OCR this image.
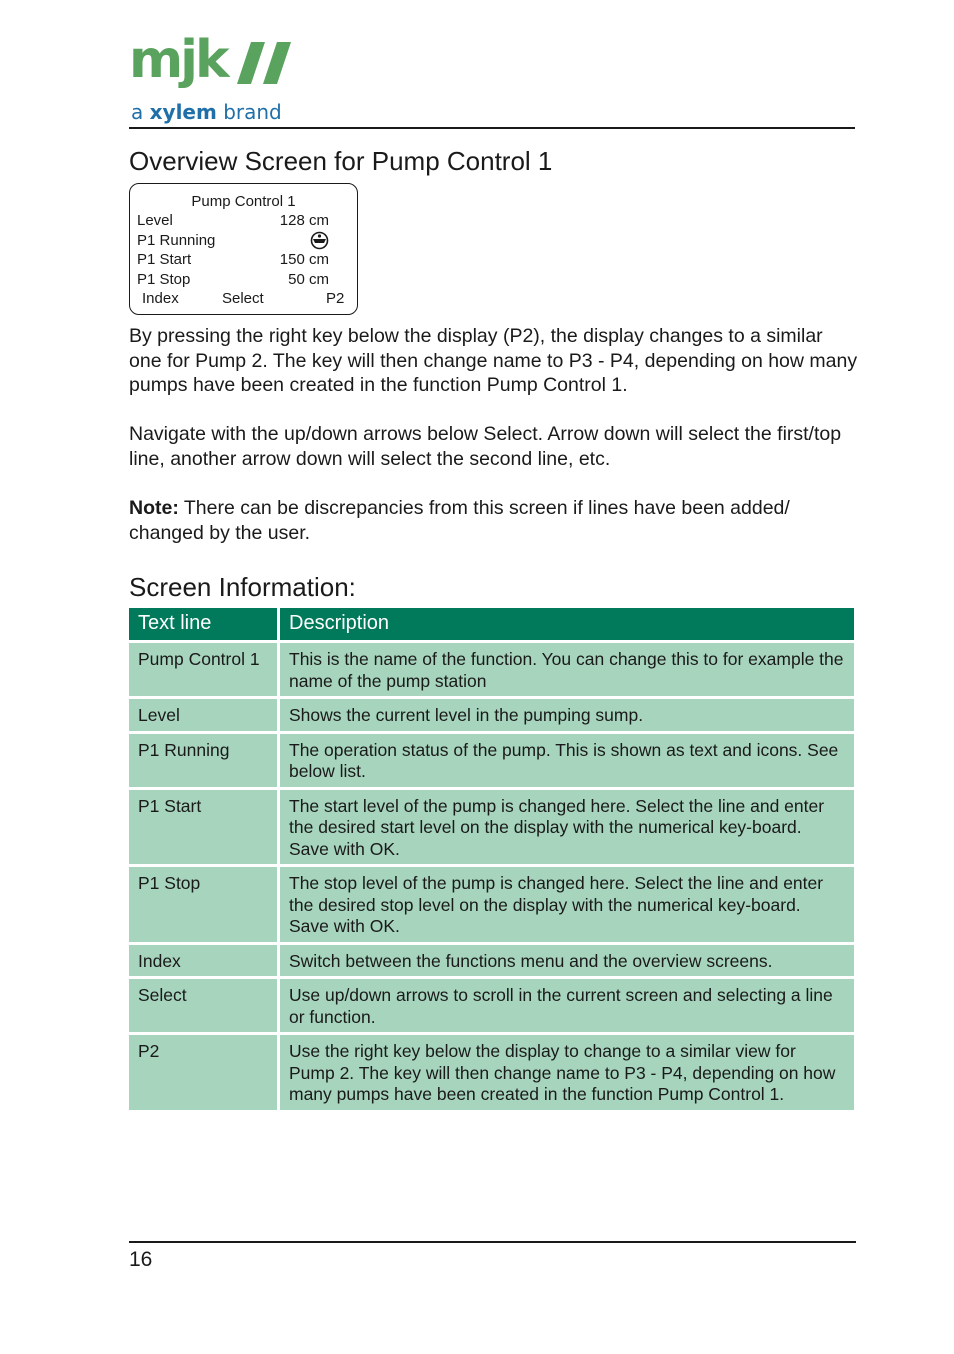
mjk
a xylem brand
Overview Screen for Pump Control 1
Pump Control 1
Level	128 cm
P1 Running
P1 Start	150 cm
P1 Stop	50 cm
Index	Select	P2

By pressing the right key below the display (P2), the display changes to a similar one for Pump 2. The key will then change name to P3 - P4, depending on how many pumps have been created in the function Pump Control 1.

Navigate with the up/down arrows below Select. Arrow down will select the first/top line, another arrow down will select the second line, etc.

Note: There can be discrepancies from this screen if lines have been added/ changed by the user.

Screen Information:
Text line	Description
Pump Control 1	This is the name of the function. You can change this to for example the name of the pump station
Level	Shows the current level in the pumping sump.
P1 Running	The operation status of the pump. This is shown as text and icons. See below list.
P1 Start	The start level of the pump is changed here. Select the line and enter the desired start level on the display with the numerical key-board. Save with OK.
P1 Stop	The stop level of the pump is changed here. Select the line and enter the desired stop level on the display with the numerical key-board. Save with OK.
Index	Switch between the functions menu and the overview screens.
Select	Use up/down arrows to scroll in the current screen and selecting a line or function.
P2	Use the right key below the display to change to a similar view for Pump 2. The key will then change name to P3 - P4, depending on how many pumps have been created in the function Pump Control 1.
16
